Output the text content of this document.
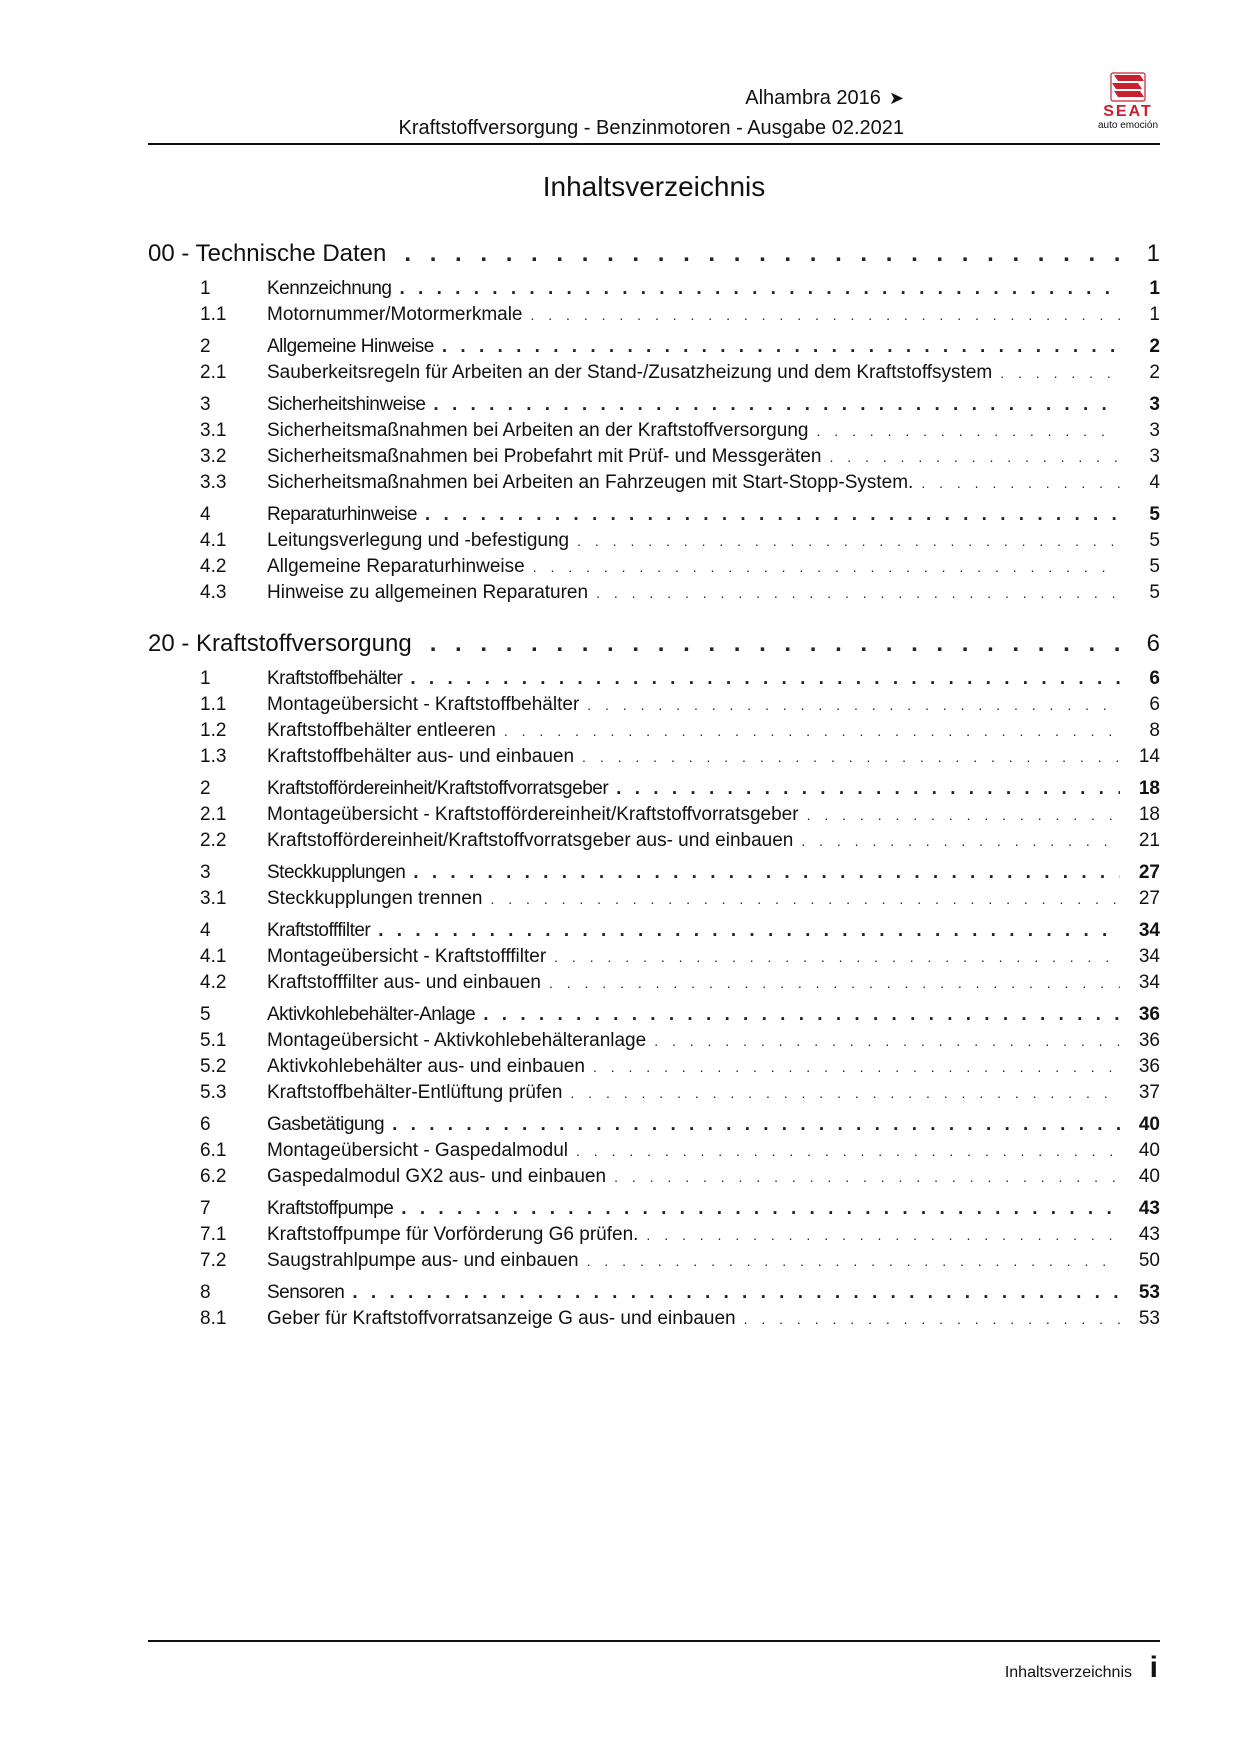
Alhambra 2016 ➤
Kraftstoffversorgung - Benzinmotoren - Ausgabe 02.2021
SEAT
auto emoción
Inhaltsverzeichnis
00 - Technische Daten . . .	1
1	Kennzeichnung . . .	1
1.1	Motornummer/Motormerkmale . . .	1
2	Allgemeine Hinweise . . .	2
2.1	Sauberkeitsregeln für Arbeiten an der Stand-/Zusatzheizung und dem Kraftstoffsystem . . .	2
3	Sicherheitshinweise . . .	3
3.1	Sicherheitsmaßnahmen bei Arbeiten an der Kraftstoffversorgung . . .	3
3.2	Sicherheitsmaßnahmen bei Probefahrt mit Prüf- und Messgeräten . . .	3
3.3	Sicherheitsmaßnahmen bei Arbeiten an Fahrzeugen mit Start-Stopp-System. . . .	4
4	Reparaturhinweise . . .	5
4.1	Leitungsverlegung und -befestigung . . .	5
4.2	Allgemeine Reparaturhinweise . . .	5
4.3	Hinweise zu allgemeinen Reparaturen . . .	5
20 - Kraftstoffversorgung . . .	6
1	Kraftstoffbehälter . . .	6
1.1	Montageübersicht - Kraftstoffbehälter . . .	6
1.2	Kraftstoffbehälter entleeren . . .	8
1.3	Kraftstoffbehälter aus- und einbauen . . .	14
2	Kraftstoffördereinheit/Kraftstoffvorratsgeber . . .	18
2.1	Montageübersicht - Kraftstoffördereinheit/Kraftstoffvorratsgeber . . .	18
2.2	Kraftstoffördereinheit/Kraftstoffvorratsgeber aus- und einbauen . . .	21
3	Steckkupplungen . . .	27
3.1	Steckkupplungen trennen . . .	27
4	Kraftstofffilter . . .	34
4.1	Montageübersicht - Kraftstofffilter . . .	34
4.2	Kraftstofffilter aus- und einbauen . . .	34
5	Aktivkohlebehälter-Anlage . . .	36
5.1	Montageübersicht - Aktivkohlebehälteranlage . . .	36
5.2	Aktivkohlebehälter aus- und einbauen . . .	36
5.3	Kraftstoffbehälter-Entlüftung prüfen . . .	37
6	Gasbetätigung . . .	40
6.1	Montageübersicht - Gaspedalmodul . . .	40
6.2	Gaspedalmodul GX2 aus- und einbauen . . .	40
7	Kraftstoffpumpe . . .	43
7.1	Kraftstoffpumpe für Vorförderung G6 prüfen. . . .	43
7.2	Saugstrahlpumpe aus- und einbauen . . .	50
8	Sensoren . . .	53
8.1	Geber für Kraftstoffvorratsanzeige G aus- und einbauen . . .	53
Inhaltsverzeichnis i
